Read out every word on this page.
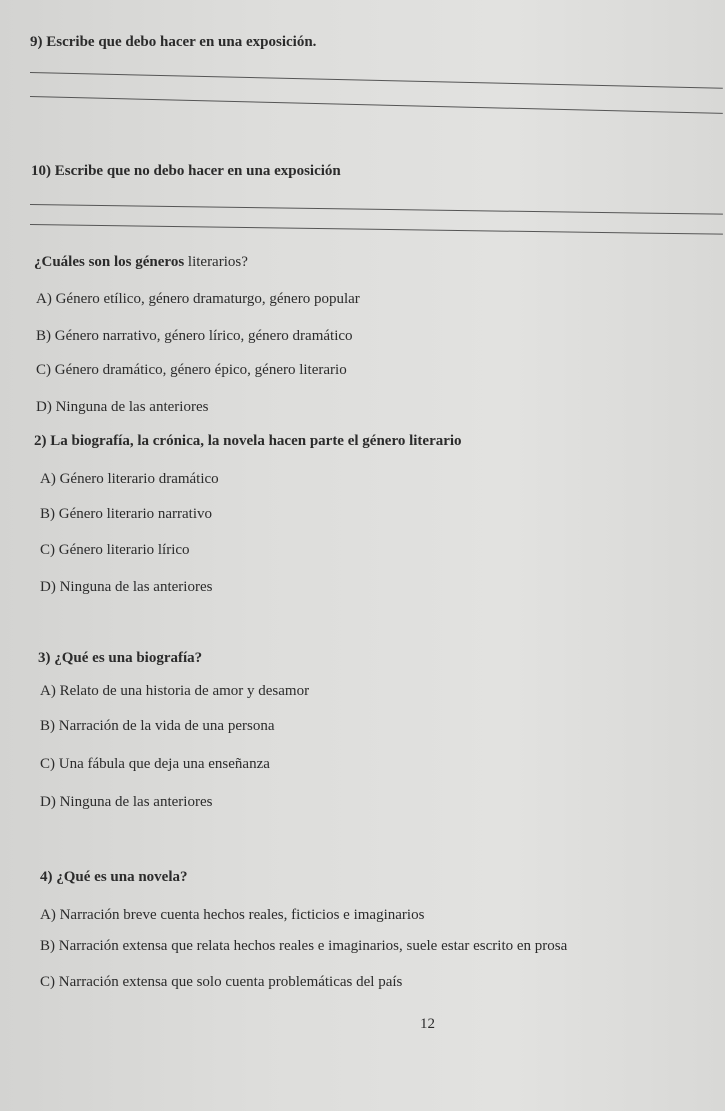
9) Escribe que debo hacer en una exposición.
10) Escribe que no debo hacer en una exposición
¿Cuáles son los géneros literarios?
A) Género etílico, género dramaturgo, género popular
B) Género narrativo, género lírico, género dramático
C) Género dramático, género épico, género literario
D) Ninguna de las anteriores
2) La biografía, la crónica, la novela hacen parte el género literario
A) Género literario dramático
B) Género literario narrativo
C) Género literario lírico
D) Ninguna de las anteriores
3) ¿Qué es una biografía?
A) Relato de una historia de amor y desamor
B) Narración de la vida de una persona
C) Una fábula que deja una enseñanza
D) Ninguna de las anteriores
4) ¿Qué es una novela?
A) Narración breve cuenta hechos reales, ficticios e imaginarios
B) Narración extensa que relata hechos reales e imaginarios, suele estar escrito en prosa
C) Narración extensa que solo cuenta problemáticas del país
12
